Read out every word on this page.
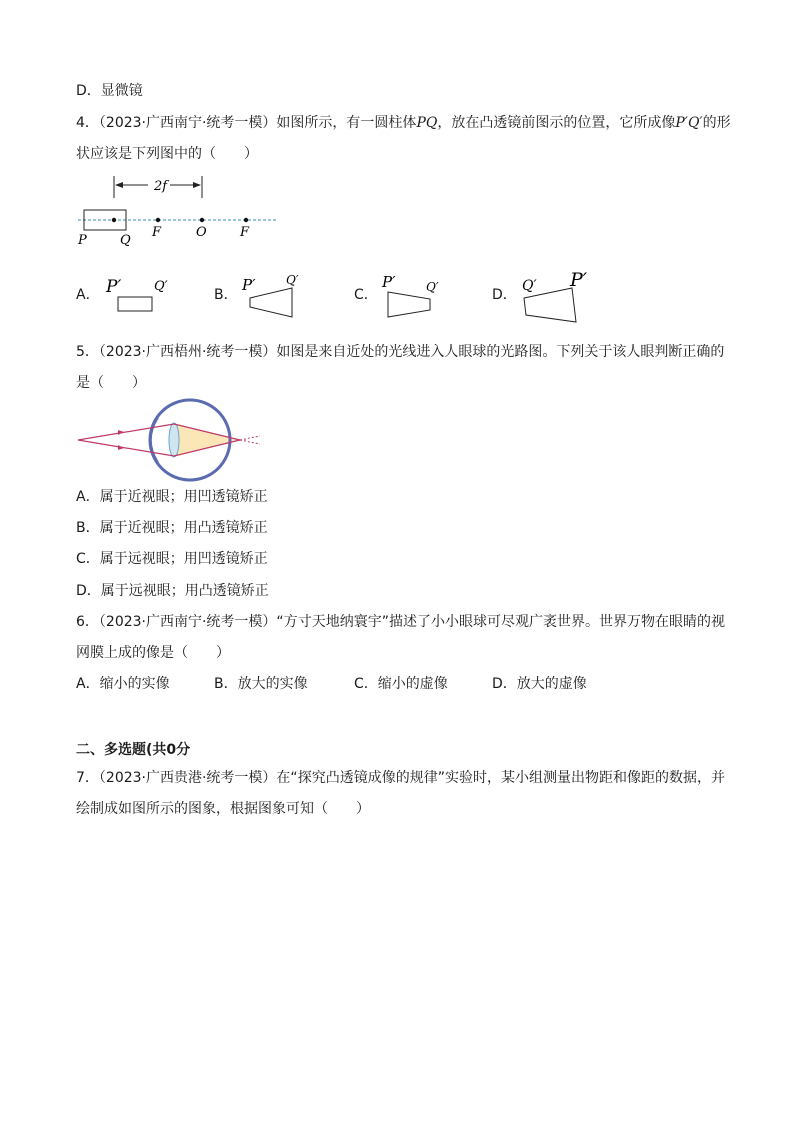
D．显微镜
4．（2023·广西南宁·统考一模）如图所示，有一圆柱体PQ，放在凸透镜前图示的位置，它所成像P′Q′的形
状应该是下列图中的（　　）
2f
P	Q
F	O	F
A． P′	Q′
B．
P′	Q′
C．
P′	Q′	D．
Q′ P′
5．（2023·广西梧州·统考一模）如图是来自近处的光线进入人眼球的光路图。下列关于该人眼判断正确的
是（　　）
A．属于近视眼；用凹透镜矫正
B．属于近视眼；用凸透镜矫正
C．属于远视眼；用凹透镜矫正
D．属于远视眼；用凸透镜矫正
6．（2023·广西南宁·统考一模）“方寸天地纳寰宇”描述了小小眼球可尽观广袤世界。世界万物在眼睛的视
网膜上成的像是（　　）
A．缩小的实像	B．放大的实像	C．缩小的虚像	D．放大的虚像
二、多选题(共0分
7．（2023·广西贵港·统考一模）在“探究凸透镜成像的规律”实验时，某小组测量出物距和像距的数据，并
绘制成如图所示的图象，根据图象可知（　　）
